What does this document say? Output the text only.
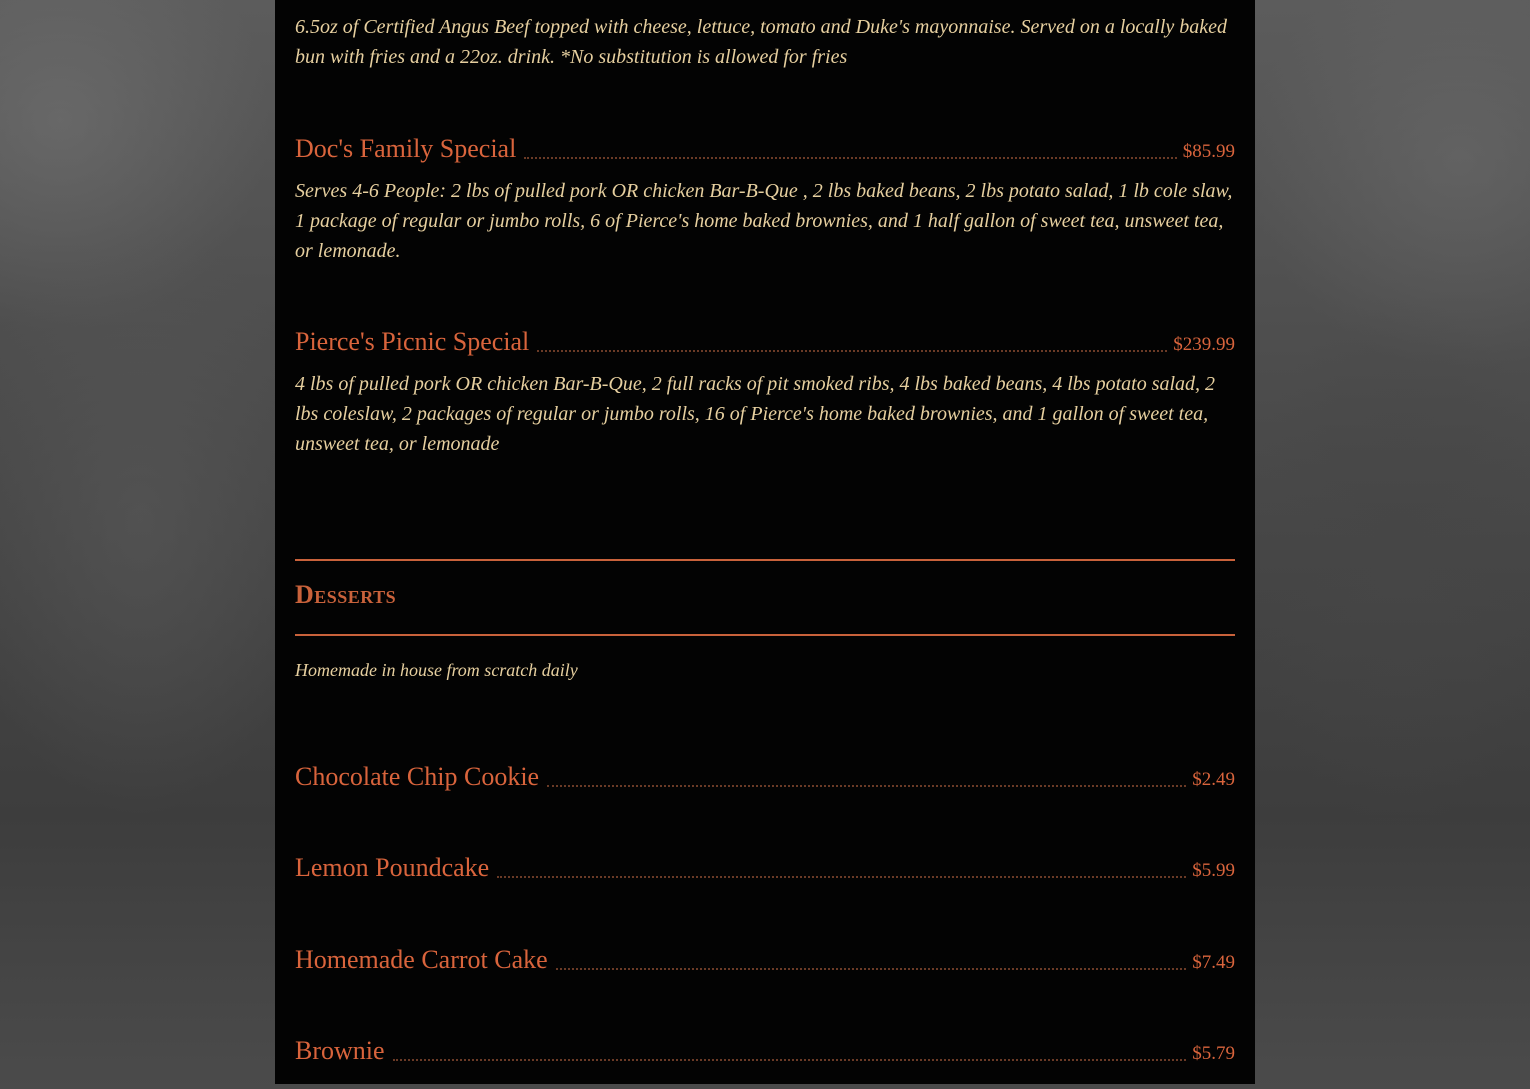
6.5oz of Certified Angus Beef topped with cheese, lettuce, tomato and Duke's mayonnaise. Served on a locally baked bun with fries and a 22oz. drink. *No substitution is allowed for fries

Doc's Family Special	$85.99

Serves 4-6 People: 2 lbs of pulled pork OR chicken Bar-B-Que , 2 lbs baked beans, 2 lbs potato salad, 1 lb cole slaw, 1 package of regular or jumbo rolls, 6 of Pierce's home baked brownies, and 1 half gallon of sweet tea, unsweet tea, or lemonade.

Pierce's Picnic Special	$239.99

4 lbs of pulled pork OR chicken Bar-B-Que, 2 full racks of pit smoked ribs, 4 lbs baked beans, 4 lbs potato salad, 2 lbs coleslaw, 2 packages of regular or jumbo rolls, 16 of Pierce's home baked brownies, and 1 gallon of sweet tea, unsweet tea, or lemonade

Desserts

Homemade in house from scratch daily

Chocolate Chip Cookie	$2.49
Lemon Poundcake	$5.99
Homemade Carrot Cake	$7.49
Brownie	$5.79
